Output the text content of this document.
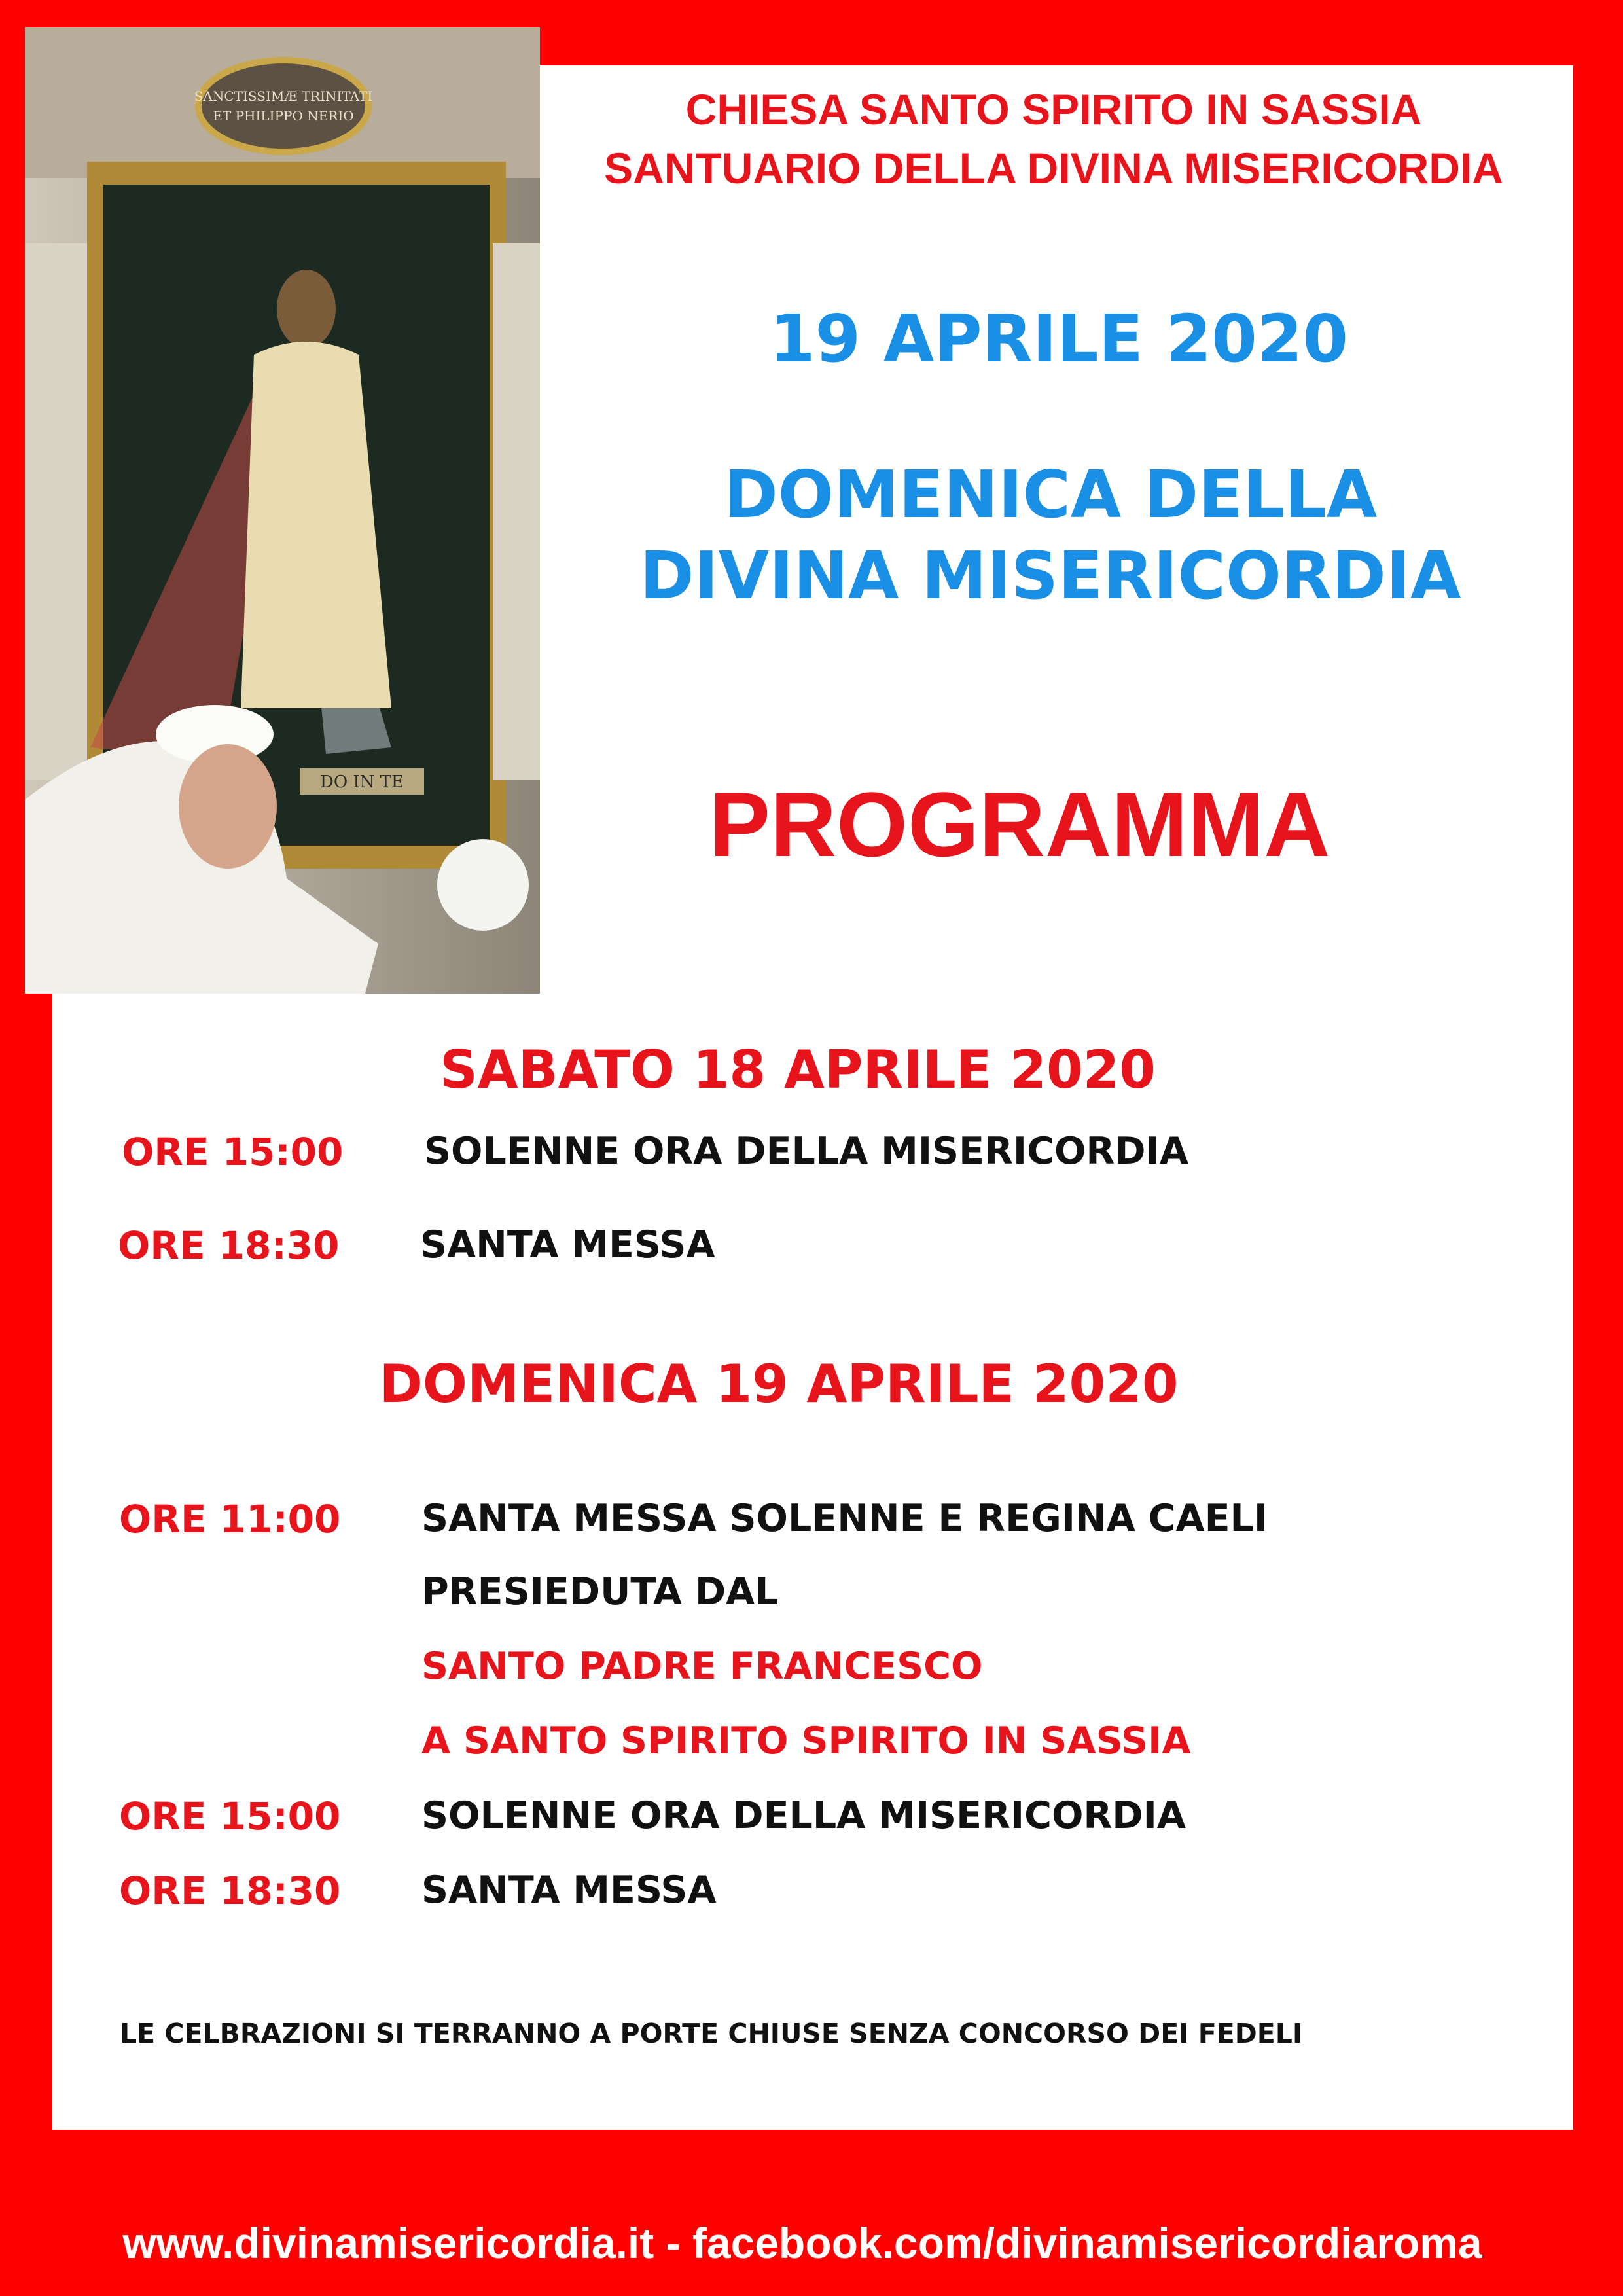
SANCTISSIMÆ TRINITATI
ET PHILIPPO NERIO
DO IN TE
CHIESA SANTO SPIRITO IN SASSIA
SANTUARIO DELLA DIVINA MISERICORDIA
19 APRILE 2020
DOMENICA DELLA
DIVINA MISERICORDIA
PROGRAMMA
SABATO 18 APRILE 2020
ORE 15:00 SOLENNE ORA DELLA MISERICORDIA
ORE 18:30 SANTA MESSA
DOMENICA 19 APRILE 2020
ORE 11:00 SANTA MESSA SOLENNE E REGINA CAELI
PRESIEDUTA DAL
SANTO PADRE FRANCESCO
A SANTO SPIRITO SPIRITO IN SASSIA
ORE 15:00 SOLENNE ORA DELLA MISERICORDIA
ORE 18:30 SANTA MESSA
LE CELBRAZIONI SI TERRANNO A PORTE CHIUSE SENZA CONCORSO DEI FEDELI
www.divinamisericordia.it - facebook.com/divinamisericordiaroma
